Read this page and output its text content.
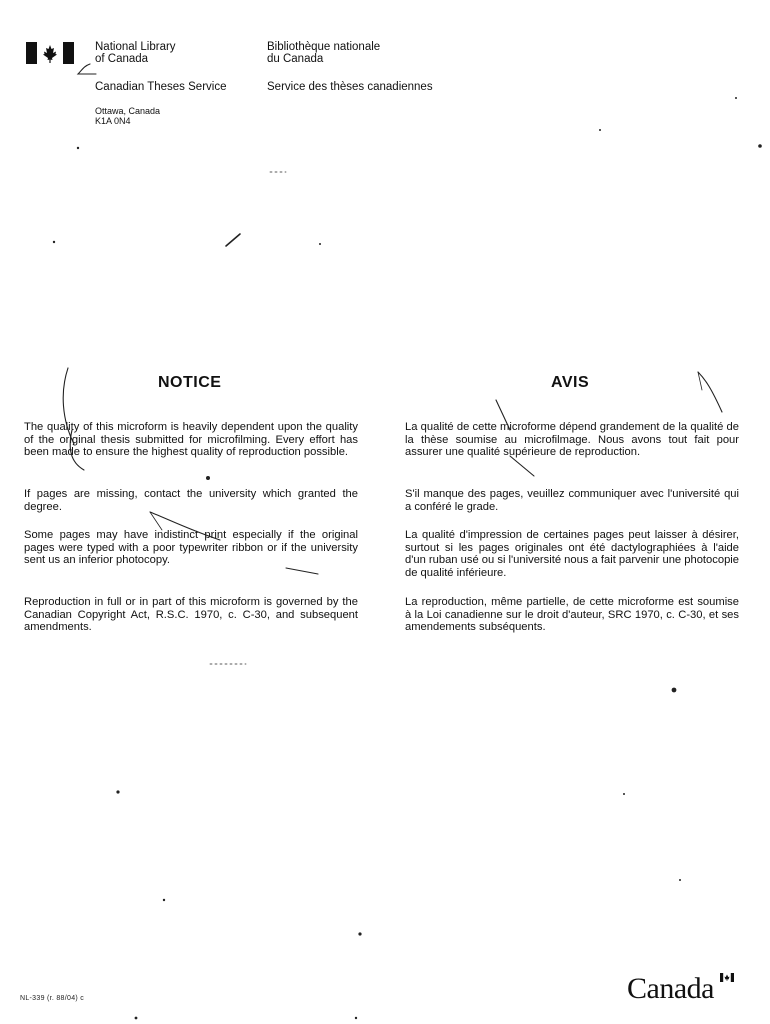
National Library
of Canada
Bibliothèque nationale
du Canada
Canadian Theses Service	Service des thèses canadiennes
Ottawa, Canada
K1A 0N4
NOTICE
The quality of this microform is heavily dependent upon the quality of the original thesis submitted for microfilming. Every effort has been made to ensure the highest quality of reproduction possible.
If pages are missing, contact the university which granted the degree.
Some pages may have indistinct print especially if the original pages were typed with a poor typewriter ribbon or if the university sent us an inferior photocopy.
Reproduction in full or in part of this microform is governed by the Canadian Copyright Act, R.S.C. 1970, c. C-30, and subsequent amendments.
AVIS
La qualité de cette microforme dépend grandement de la qualité de la thèse soumise au microfilmage. Nous avons tout fait pour assurer une qualité supérieure de reproduction.
S'il manque des pages, veuillez communiquer avec l'université qui a conféré le grade.
La qualité d'impression de certaines pages peut laisser à désirer, surtout si les pages originales ont été dactylographiées à l'aide d'un ruban usé ou si l'université nous a fait parvenir une photocopie de qualité inférieure.
La reproduction, même partielle, de cette microforme est soumise à la Loi canadienne sur le droit d'auteur, SRC 1970, c. C-30, et ses amendements subséquents.
NL-339 (r. 88/04) c	Canada
